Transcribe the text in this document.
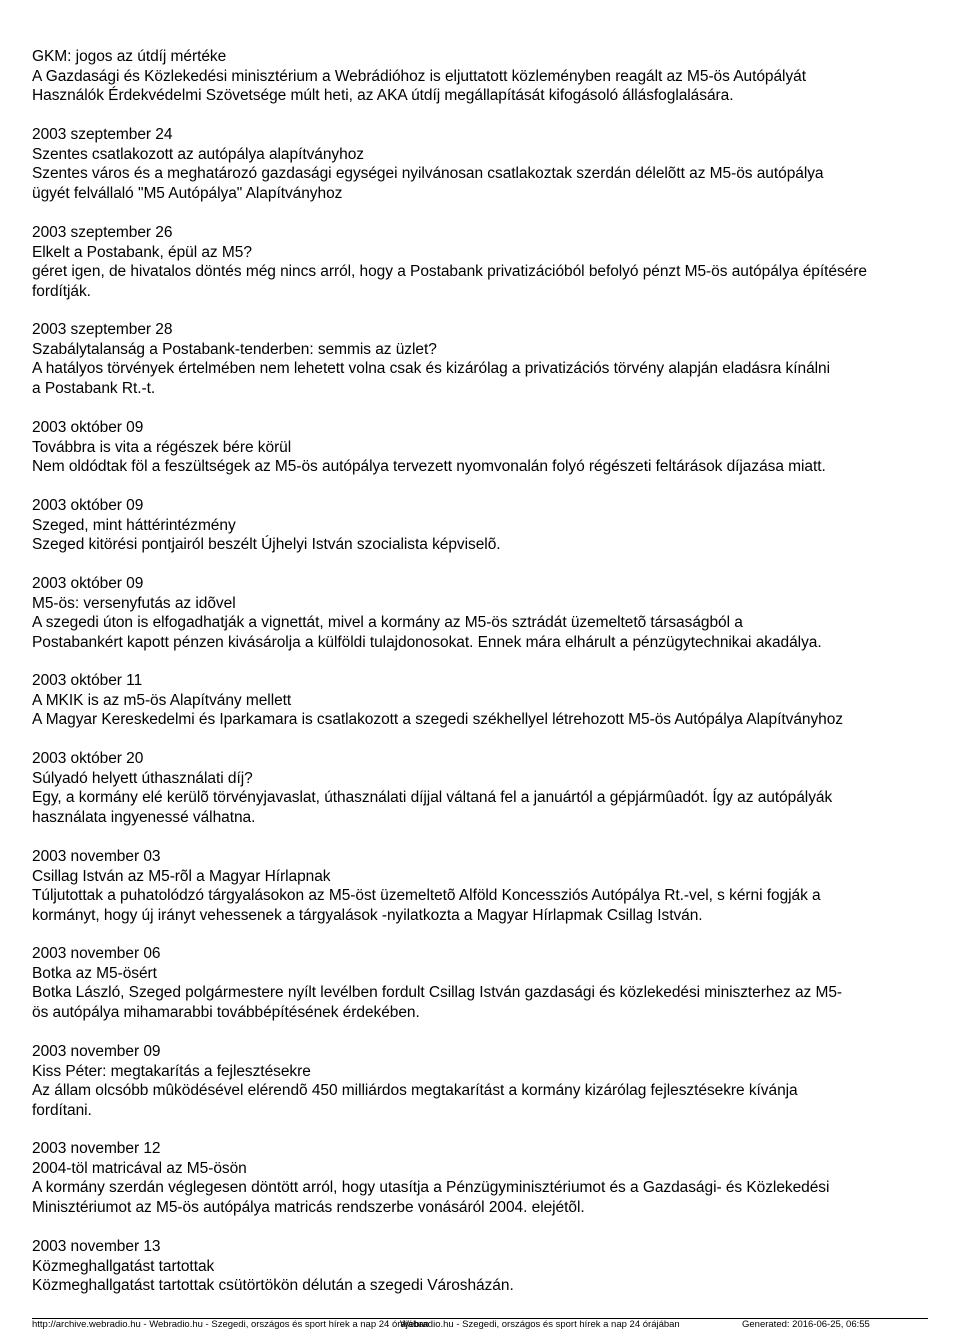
GKM: jogos az útdíj mértéke
A Gazdasági és Közlekedési minisztérium a Webrádióhoz is eljuttatott közleményben reagált az M5-ös Autópályát
Használók Érdekvédelmi Szövetsége múlt heti, az AKA útdíj megállapítását kifogásoló állásfoglalására.
2003 szeptember 24
Szentes csatlakozott az autópálya alapítványhoz
Szentes város és a meghatározó gazdasági egységei nyilvánosan csatlakoztak szerdán délelõtt az M5-ös autópálya
ügyét felvállaló "M5 Autópálya" Alapítványhoz
2003 szeptember 26
Elkelt a Postabank, épül az M5?
géret igen, de hivatalos döntés még nincs arról, hogy a Postabank privatizációból befolyó pénzt M5-ös autópálya építésére
fordítják.
2003 szeptember 28
Szabálytalanság a Postabank-tenderben: semmis az üzlet?
A hatályos törvények értelmében nem lehetett volna csak és kizárólag a privatizációs törvény alapján eladásra kínálni
a Postabank Rt.-t.
2003 október 09
Továbbra is vita a régészek bére körül
Nem oldódtak föl a feszültségek az M5-ös autópálya tervezett nyomvonalán folyó régészeti feltárások díjazása miatt.
2003 október 09
Szeged, mint háttérintézmény
Szeged kitörési pontjairól beszélt Újhelyi István szocialista képviselõ.
2003 október 09
M5-ös: versenyfutás az idõvel
A szegedi úton is elfogadhatják a vignettát, mivel a kormány az M5-ös sztrádát üzemeltetõ társaságból a
Postabankért kapott pénzen kivásárolja a külföldi tulajdonosokat. Ennek mára elhárult a pénzügytechnikai akadálya.
2003 október 11
A MKIK is az m5-ös Alapítvány mellett
A Magyar Kereskedelmi és Iparkamara is csatlakozott a szegedi székhellyel létrehozott M5-ös Autópálya Alapítványhoz
2003 október 20
Súlyadó helyett úthasználati díj?
Egy, a kormány elé kerülõ törvényjavaslat, úthasználati díjjal váltaná fel a januártól a gépjármûadót. Így az autópályák
használata ingyenessé válhatna.
2003 november 03
Csillag István az M5-rõl a Magyar Hírlapnak
Túljutottak a puhatolódzó tárgyalásokon az M5-öst üzemeltetõ Alföld Koncessziós Autópálya Rt.-vel, s kérni fogják a
kormányt, hogy új irányt vehessenek a tárgyalások -nyilatkozta a Magyar Hírlapmak Csillag István.
2003 november 06
Botka az M5-ösért
Botka László, Szeged polgármestere nyílt levélben fordult Csillag István gazdasági és közlekedési miniszterhez az M5-
ös autópálya mihamarabbi továbbépítésének érdekében.
2003 november 09
Kiss Péter: megtakarítás a fejlesztésekre
Az állam olcsóbb mûködésével elérendõ 450 milliárdos megtakarítást a kormány kizárólag fejlesztésekre kívánja
fordítani.
2003 november 12
2004-töl matricával az M5-ösön
A kormány szerdán véglegesen döntött arról, hogy utasítja a Pénzügyminisztériumot és a Gazdasági- és Közlekedési
Minisztériumot az M5-ös autópálya matricás rendszerbe vonásáról 2004. elejétõl.
2003 november 13
Közmeghallgatást tartottak
Közmeghallgatást tartottak csütörtökön délután a szegedi Városházán.
http://archive.webradio.hu - Webradio.hu - Szegedi, országos és sport hírek a nap 24 órájában
Webradio.hu - Szegedi, országos és sport hírek a nap 24 órájában	Generated: 2016-06-25, 06:55
